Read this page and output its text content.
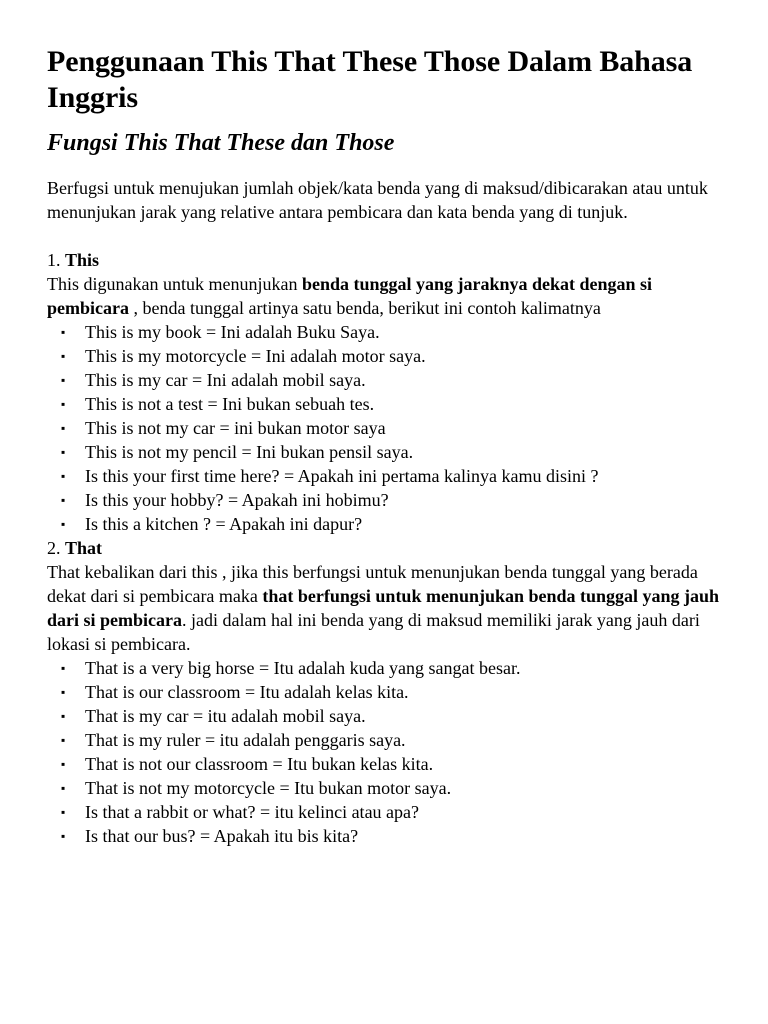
Penggunaan This That These Those Dalam Bahasa Inggris
Fungsi This That These dan Those

Berfugsi untuk menujukan jumlah objek/kata benda yang di maksud/dibicarakan atau untuk menunjukan jarak yang relative antara pembicara dan kata benda yang di tunjuk.

1. This

This digunakan untuk menunjukan benda tunggal yang jaraknya dekat dengan si pembicara , benda tunggal artinya satu benda, berikut ini contoh kalimatnya

▪ This is my book = Ini adalah Buku Saya.
▪ This is my motorcycle = Ini adalah motor saya.
▪ This is my car = Ini adalah mobil saya.
▪ This is not a test = Ini bukan sebuah tes.
▪ This is not my car = ini bukan motor saya
▪ This is not my pencil = Ini bukan pensil saya.
▪ Is this your first time here? = Apakah ini pertama kalinya kamu disini ?
▪ Is this your hobby? = Apakah ini hobimu?
▪ Is this a kitchen ? = Apakah ini dapur?

2. That

That kebalikan dari this , jika this berfungsi untuk menunjukan benda tunggal yang berada dekat dari si pembicara maka that berfungsi untuk menunjukan benda tunggal yang jauh dari si pembicara. jadi dalam hal ini benda yang di maksud memiliki jarak yang jauh dari lokasi si pembicara.

▪ That is a very big horse = Itu adalah kuda yang sangat besar.
▪ That is our classroom = Itu adalah kelas kita.
▪ That is my car = itu adalah mobil saya.
▪ That is my ruler = itu adalah penggaris saya.
▪ That is not our classroom = Itu bukan kelas kita.
▪ That is not my motorcycle = Itu bukan motor saya.
▪ Is that a rabbit or what? = itu kelinci atau apa?
▪ Is that our bus? = Apakah itu bis kita?
